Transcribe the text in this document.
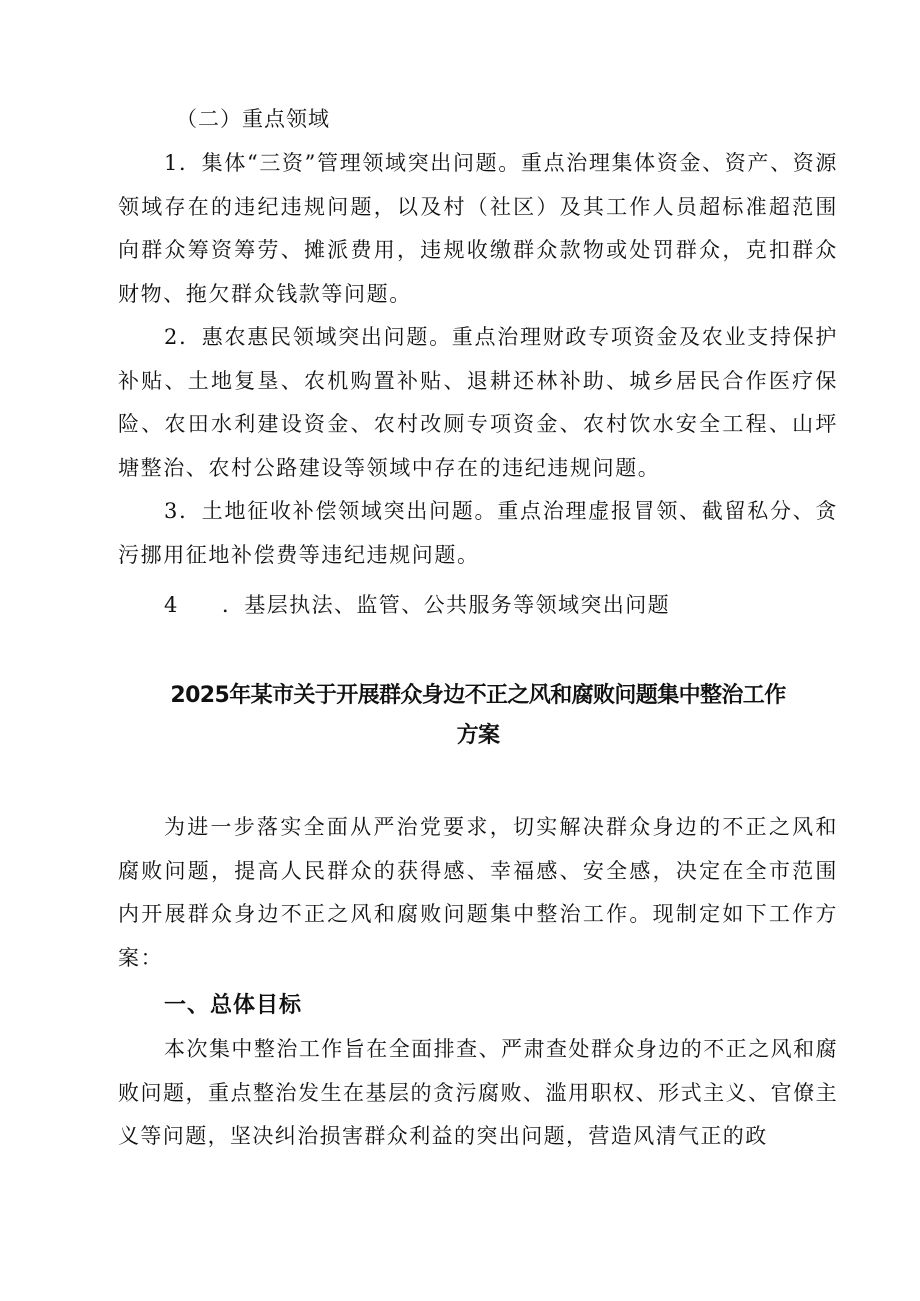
（二）重点领域

1．集体“三资”管理领域突出问题。重点治理集体资金、资产、资源领域存在的违纪违规问题，以及村（社区）及其工作人员超标准超范围向群众筹资筹劳、摊派费用，违规收缴群众款物或处罚群众，克扣群众财物、拖欠群众钱款等问题。

2．惠农惠民领域突出问题。重点治理财政专项资金及农业支持保护补贴、土地复垦、农机购置补贴、退耕还林补助、城乡居民合作医疗保险、农田水利建设资金、农村改厕专项资金、农村饮水安全工程、山坪塘整治、农村公路建设等领域中存在的违纪违规问题。

3．土地征收补偿领域突出问题。重点治理虚报冒领、截留私分、贪污挪用征地补偿费等违纪违规问题。

4 ．基层执法、监管、公共服务等领域突出问题

2025年某市关于开展群众身边不正之风和腐败问题集中整治工作
方案

为进一步落实全面从严治党要求，切实解决群众身边的不正之风和腐败问题，提高人民群众的获得感、幸福感、安全感，决定在全市范围内开展群众身边不正之风和腐败问题集中整治工作。现制定如下工作方案：

一、总体目标

本次集中整治工作旨在全面排查、严肃查处群众身边的不正之风和腐败问题，重点整治发生在基层的贪污腐败、滥用职权、形式主义、官僚主义等问题，坚决纠治损害群众利益的突出问题，营造风清气正的政
